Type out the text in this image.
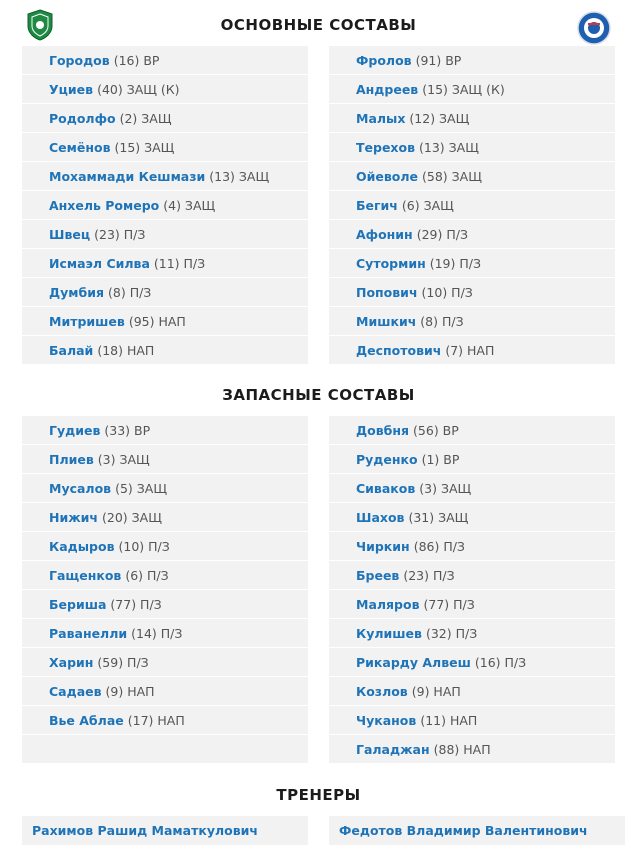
ОСНОВНЫЕ СОСТАВЫ
Городов (16) ВР
Уциев (40) ЗАЩ (К)
Родолфо (2) ЗАЩ
Семёнов (15) ЗАЩ
Мохаммади Кешмази (13) ЗАЩ
Анхель Ромеро (4) ЗАЩ
Швец (23) П/З
Исмаэл Силва (11) П/З
Думбия (8) П/З
Митришев (95) НАП
Балай (18) НАП
Фролов (91) ВР
Андреев (15) ЗАЩ (К)
Малых (12) ЗАЩ
Терехов (13) ЗАЩ
Ойеволе (58) ЗАЩ
Бегич (6) ЗАЩ
Афонин (29) П/З
Сутормин (19) П/З
Попович (10) П/З
Мишкич (8) П/З
Деспотович (7) НАП
ЗАПАСНЫЕ СОСТАВЫ
Гудиев (33) ВР
Плиев (3) ЗАЩ
Мусалов (5) ЗАЩ
Нижич (20) ЗАЩ
Кадыров (10) П/З
Гащенков (6) П/З
Бериша (77) П/З
Раванелли (14) П/З
Харин (59) П/З
Садаев (9) НАП
Вье Аблае (17) НАП
Довбня (56) ВР
Руденко (1) ВР
Сиваков (3) ЗАЩ
Шахов (31) ЗАЩ
Чиркин (86) П/З
Бреев (23) П/З
Маляров (77) П/З
Кулишев (32) П/З
Рикарду Алвеш (16) П/З
Козлов (9) НАП
Чуканов (11) НАП
Галаджан (88) НАП
ТРЕНЕРЫ
Рахимов Рашид Маматкулович	Федотов Владимир Валентинович
